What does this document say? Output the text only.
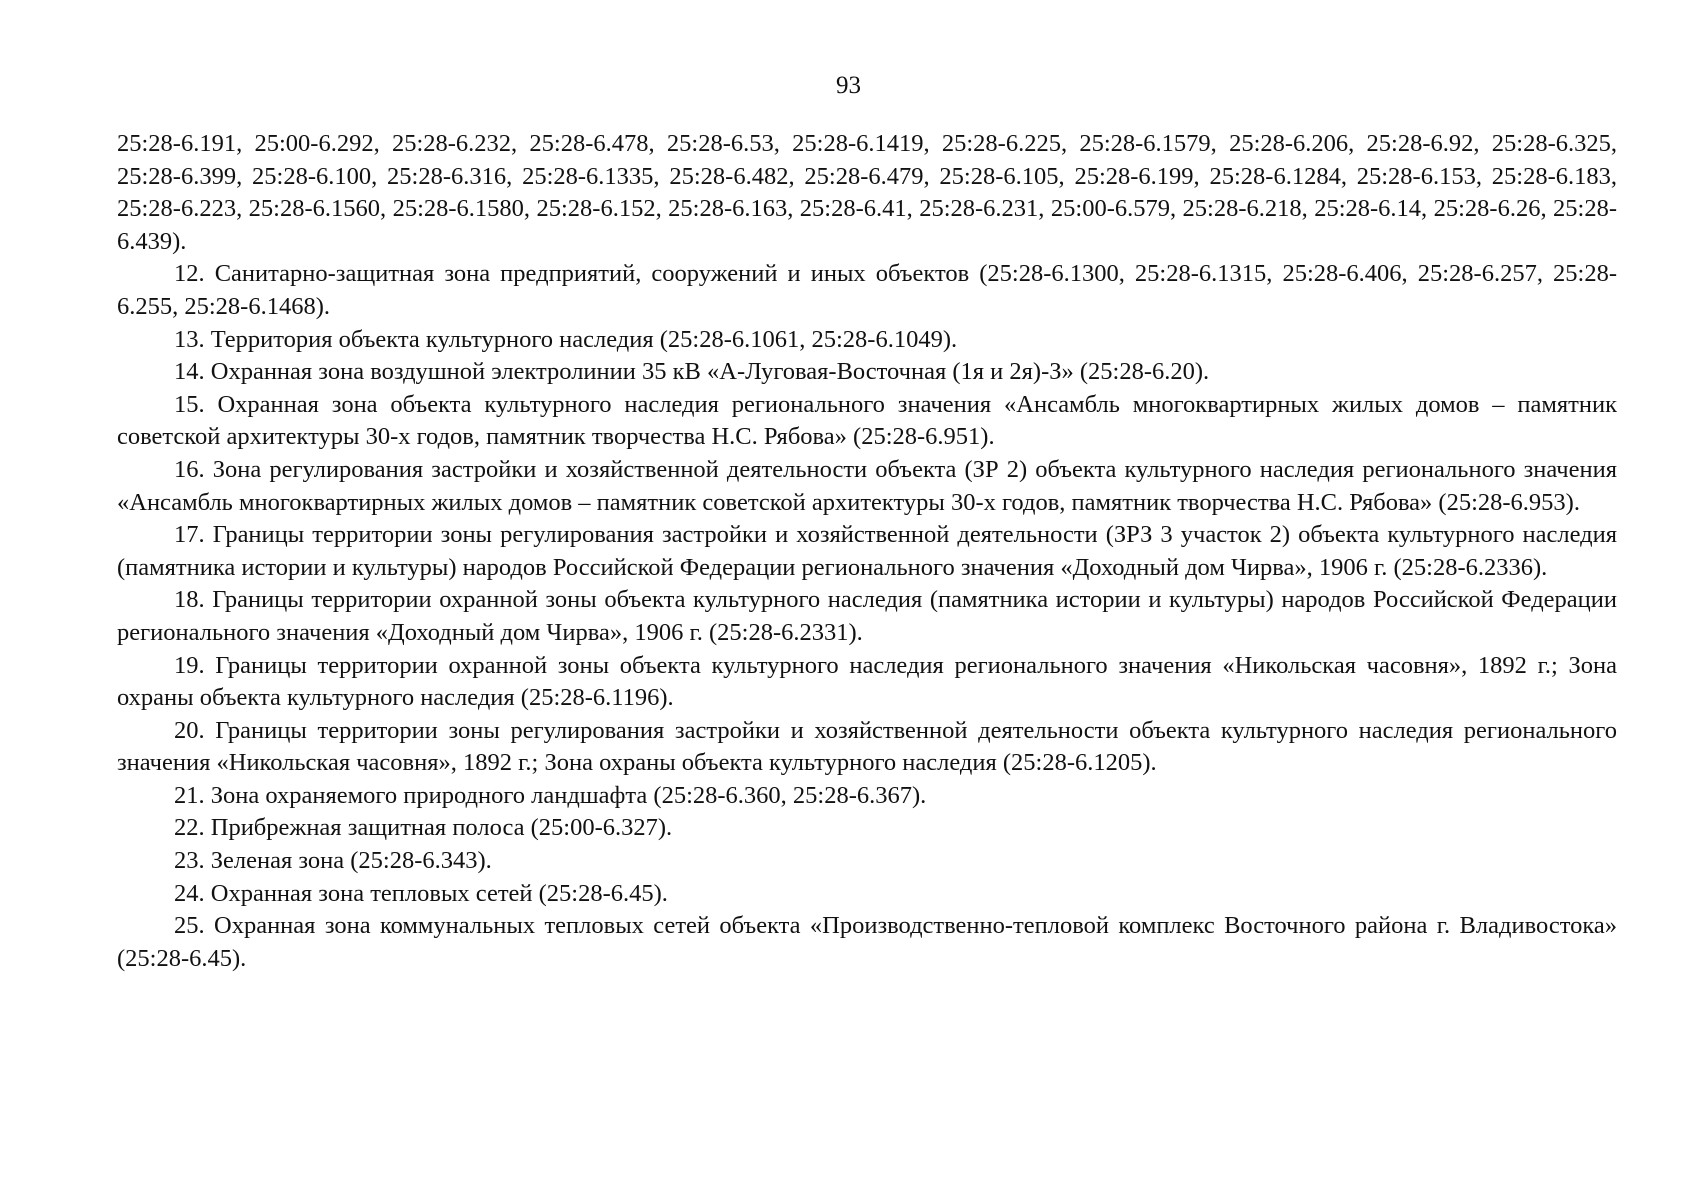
93

25:28-6.191, 25:00-6.292, 25:28-6.232, 25:28-6.478, 25:28-6.53, 25:28-6.1419, 25:28-6.225, 25:28-6.1579, 25:28-6.206, 25:28-6.92, 25:28-6.325, 25:28-6.399, 25:28-6.100, 25:28-6.316, 25:28-6.1335, 25:28-6.482, 25:28-6.479, 25:28-6.105, 25:28-6.199, 25:28-6.1284, 25:28-6.153, 25:28-6.183, 25:28-6.223, 25:28-6.1560, 25:28-6.1580, 25:28-6.152, 25:28-6.163, 25:28-6.41, 25:28-6.231, 25:00-6.579, 25:28-6.218, 25:28-6.14, 25:28-6.26, 25:28-6.439).

12. Санитарно-защитная зона предприятий, сооружений и иных объектов (25:28-6.1300, 25:28-6.1315, 25:28-6.406, 25:28-6.257, 25:28-6.255, 25:28-6.1468).

13. Территория объекта культурного наследия (25:28-6.1061, 25:28-6.1049).

14. Охранная зона воздушной электролинии 35 кВ «А-Луговая-Восточная (1я и 2я)-З» (25:28-6.20).

15. Охранная зона объекта культурного наследия регионального значения «Ансамбль многоквартирных жилых домов – памятник советской архитектуры 30-х годов, памятник творчества Н.С. Рябова» (25:28-6.951).

16. Зона регулирования застройки и хозяйственной деятельности объекта (ЗР 2) объекта культурного наследия регионального значения «Ансамбль многоквартирных жилых домов – памятник советской архитектуры 30-х годов, памятник творчества Н.С. Рябова» (25:28-6.953).

17. Границы территории зоны регулирования застройки и хозяйственной деятельности (ЗРЗ 3 участок 2) объекта культурного наследия (памятника истории и культуры) народов Российской Федерации регионального значения «Доходный дом Чирва», 1906 г. (25:28-6.2336).

18. Границы территории охранной зоны объекта культурного наследия (памятника истории и культуры) народов Российской Федерации регионального значения «Доходный дом Чирва», 1906 г. (25:28-6.2331).

19. Границы территории охранной зоны объекта культурного наследия регионального значения «Никольская часовня», 1892 г.; Зона охраны объекта культурного наследия (25:28-6.1196).

20. Границы территории зоны регулирования застройки и хозяйственной деятельности объекта культурного наследия регионального значения «Никольская часовня», 1892 г.; Зона охраны объекта культурного наследия (25:28-6.1205).

21. Зона охраняемого природного ландшафта (25:28-6.360, 25:28-6.367).

22. Прибрежная защитная полоса (25:00-6.327).

23. Зеленая зона (25:28-6.343).

24. Охранная зона тепловых сетей (25:28-6.45).

25. Охранная зона коммунальных тепловых сетей объекта «Производственно-тепловой комплекс Восточного района г. Владивостока» (25:28-6.45).
